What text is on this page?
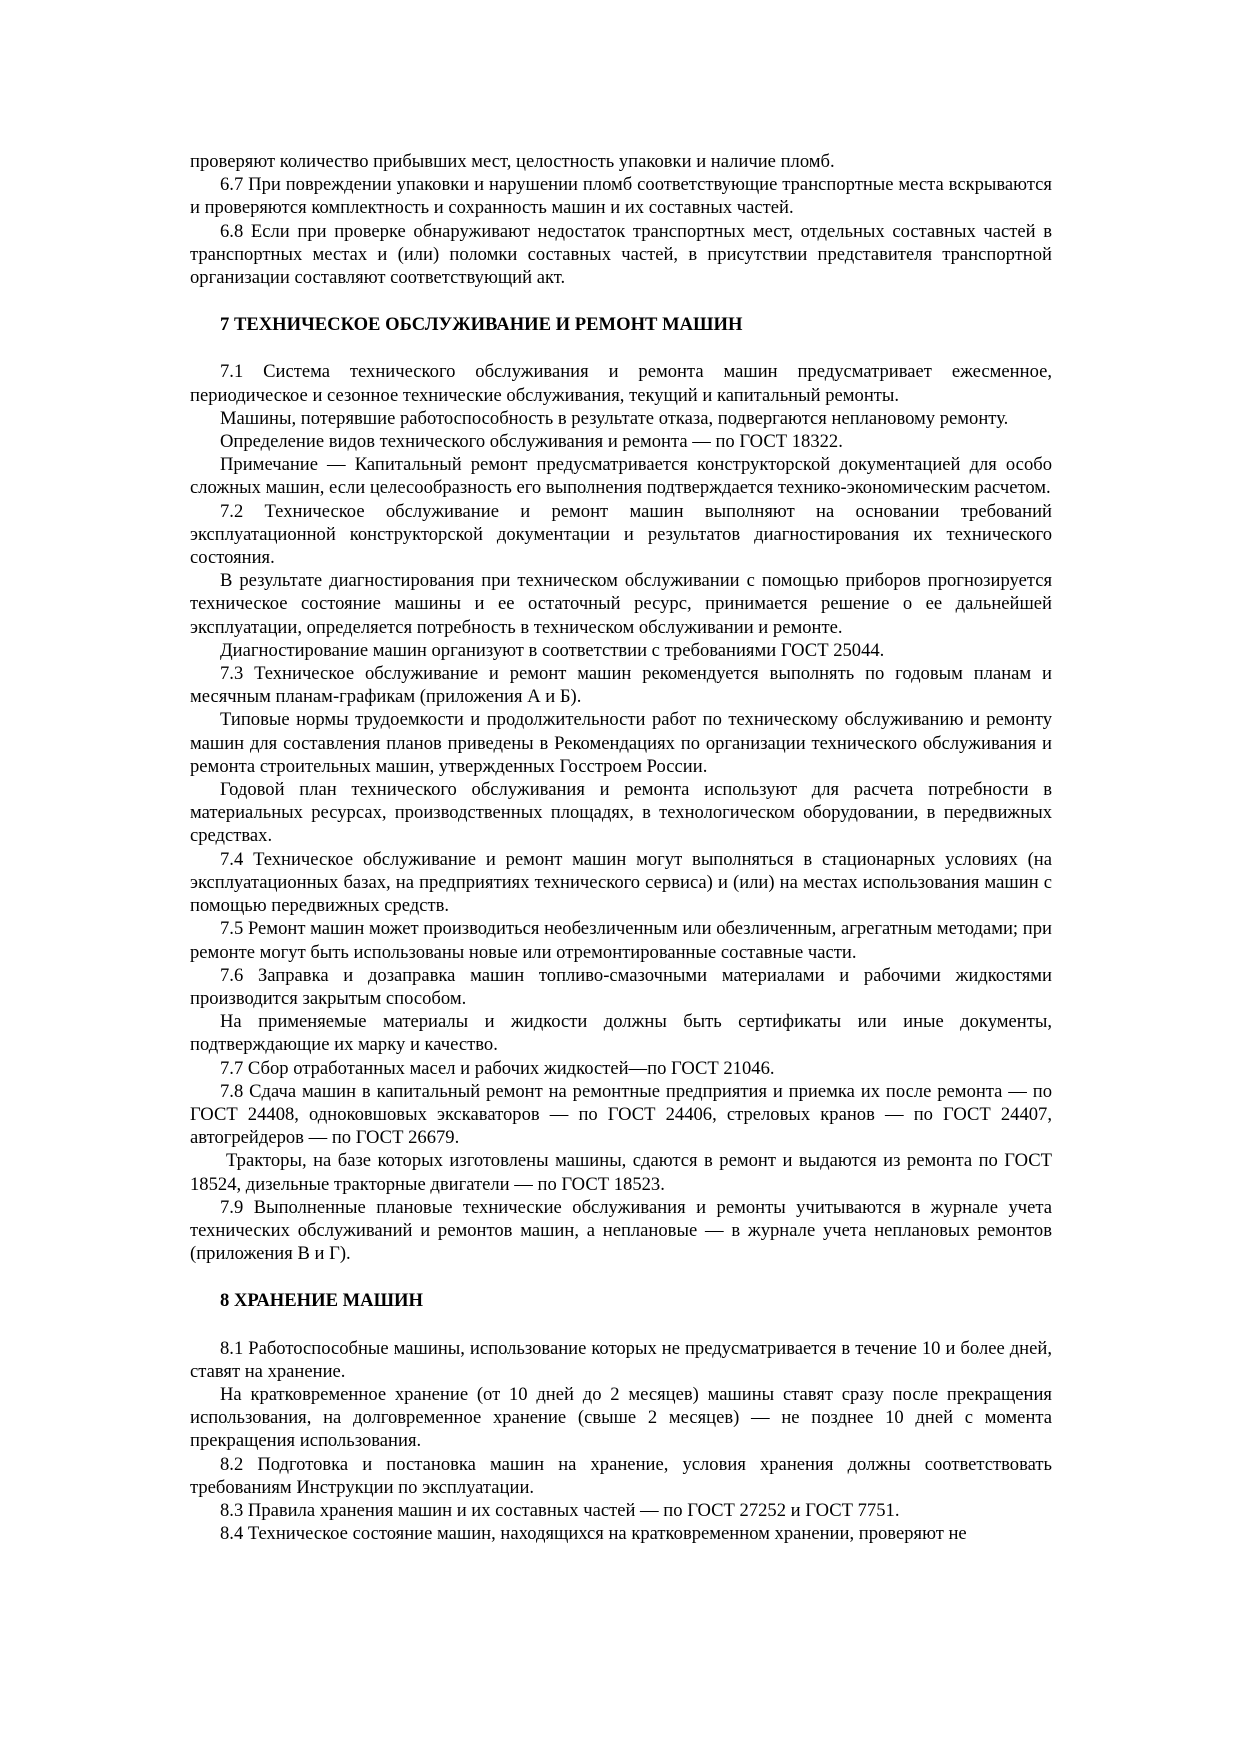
проверяют количество прибывших мест, целостность упаковки и наличие пломб.

6.7 При повреждении упаковки и нарушении пломб соответствующие транспортные места вскрываются и проверяются комплектность и сохранность машин и их составных частей.

6.8 Если при проверке обнаруживают недостаток транспортных мест, отдельных составных частей в транспортных местах и (или) поломки составных частей, в присутствии представителя транспортной организации составляют соответствующий акт.

7 ТЕХНИЧЕСКОЕ ОБСЛУЖИВАНИЕ И РЕМОНТ МАШИН

7.1 Система технического обслуживания и ремонта машин предусматривает ежесменное, периодическое и сезонное технические обслуживания, текущий и капитальный ремонты.

Машины, потерявшие работоспособность в результате отказа, подвергаются неплановому ремонту.

Определение видов технического обслуживания и ремонта — по ГОСТ 18322.

Примечание — Капитальный ремонт предусматривается конструкторской документацией для особо сложных машин, если целесообразность его выполнения подтверждается технико-экономическим расчетом.

7.2 Техническое обслуживание и ремонт машин выполняют на основании требований эксплуатационной конструкторской документации и результатов диагностирования их технического состояния.

В результате диагностирования при техническом обслуживании с помощью приборов прогнозируется техническое состояние машины и ее остаточный ресурс, принимается решение о ее дальнейшей эксплуатации, определяется потребность в техническом обслуживании и ремонте.

Диагностирование машин организуют в соответствии с требованиями ГОСТ 25044.

7.3 Техническое обслуживание и ремонт машин рекомендуется выполнять по годовым планам и месячным планам-графикам (приложения А и Б).

Типовые нормы трудоемкости и продолжительности работ по техническому обслуживанию и ремонту машин для составления планов приведены в Рекомендациях по организации технического обслуживания и ремонта строительных машин, утвержденных Госстроем России.

Годовой план технического обслуживания и ремонта используют для расчета потребности в материальных ресурсах, производственных площадях, в технологическом оборудовании, в передвижных средствах.

7.4 Техническое обслуживание и ремонт машин могут выполняться в стационарных условиях (на эксплуатационных базах, на предприятиях технического сервиса) и (или) на местах использования машин с помощью передвижных средств.

7.5 Ремонт машин может производиться необезличенным или обезличенным, агрегатным методами; при ремонте могут быть использованы новые или отремонтированные составные части.

7.6 Заправка и дозаправка машин топливо-смазочными материалами и рабочими жидкостями производится закрытым способом.

На применяемые материалы и жидкости должны быть сертификаты или иные документы, подтверждающие их марку и качество.

7.7 Сбор отработанных масел и рабочих жидкостей—по ГОСТ 21046.

7.8 Сдача машин в капитальный ремонт на ремонтные предприятия и приемка их после ремонта — по ГОСТ 24408, одноковшовых экскаваторов — по ГОСТ 24406, стреловых кранов — по ГОСТ 24407, автогрейдеров — по ГОСТ 26679.

Тракторы, на базе которых изготовлены машины, сдаются в ремонт и выдаются из ремонта по ГОСТ 18524, дизельные тракторные двигатели — по ГОСТ 18523.

7.9 Выполненные плановые технические обслуживания и ремонты учитываются в журнале учета технических обслуживаний и ремонтов машин, а неплановые — в журнале учета неплановых ремонтов (приложения В и Г).

8 ХРАНЕНИЕ МАШИН

8.1 Работоспособные машины, использование которых не предусматривается в течение 10 и более дней, ставят на хранение.

На кратковременное хранение (от 10 дней до 2 месяцев) машины ставят сразу после прекращения использования, на долговременное хранение (свыше 2 месяцев) — не позднее 10 дней с момента прекращения использования.

8.2 Подготовка и постановка машин на хранение, условия хранения должны соответствовать требованиям Инструкции по эксплуатации.

8.3 Правила хранения машин и их составных частей — по ГОСТ 27252 и ГОСТ 7751.

8.4 Техническое состояние машин, находящихся на кратковременном хранении, проверяют не
